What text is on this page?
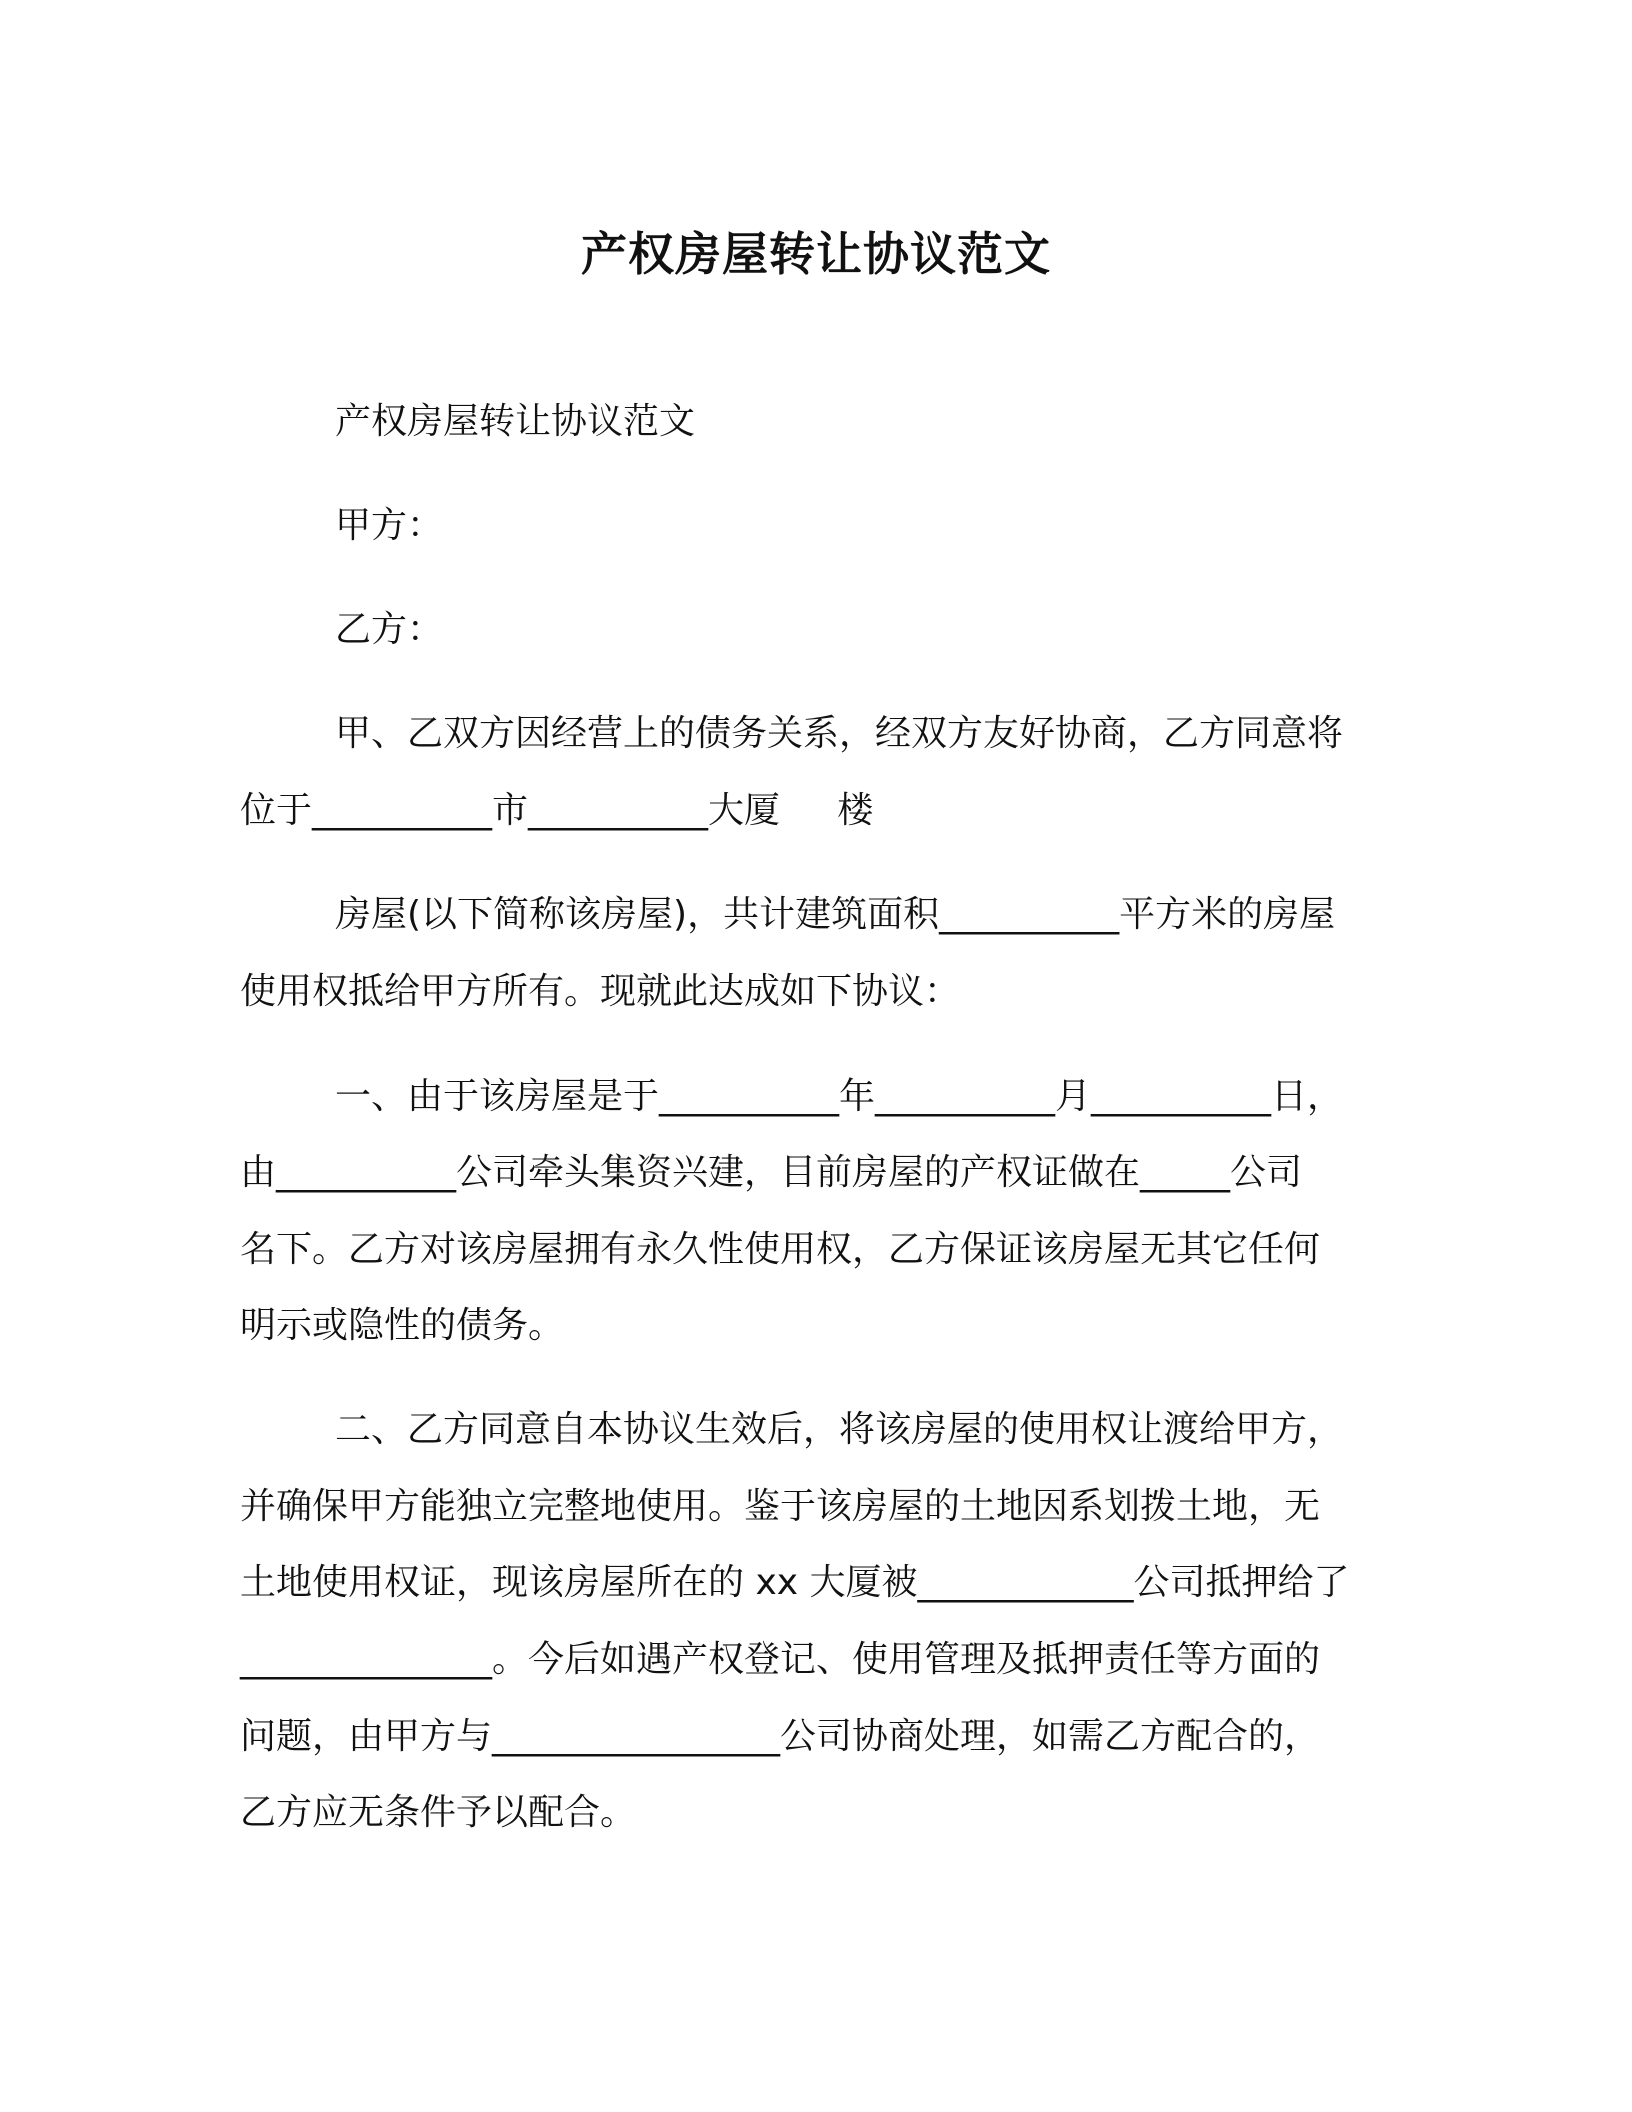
产权房屋转让协议范文

产权房屋转让协议范文

甲方：

乙方：

甲、乙双方因经营上的债务关系，经双方友好协商，乙方同意将

位于__________市__________大厦     楼

房屋(以下简称该房屋)，共计建筑面积__________平方米的房屋

使用权抵给甲方所有。现就此达成如下协议：

一、由于该房屋是于__________年__________月__________日，

由__________公司牵头集资兴建，目前房屋的产权证做在_____公司

名下。乙方对该房屋拥有永久性使用权，乙方保证该房屋无其它任何

明示或隐性的债务。

二、乙方同意自本协议生效后，将该房屋的使用权让渡给甲方，

并确保甲方能独立完整地使用。鉴于该房屋的土地因系划拨土地，无

土地使用权证，现该房屋所在的 xx 大厦被____________公司抵押给了

______________。今后如遇产权登记、使用管理及抵押责任等方面的

问题，由甲方与________________公司协商处理，如需乙方配合的，

乙方应无条件予以配合。
